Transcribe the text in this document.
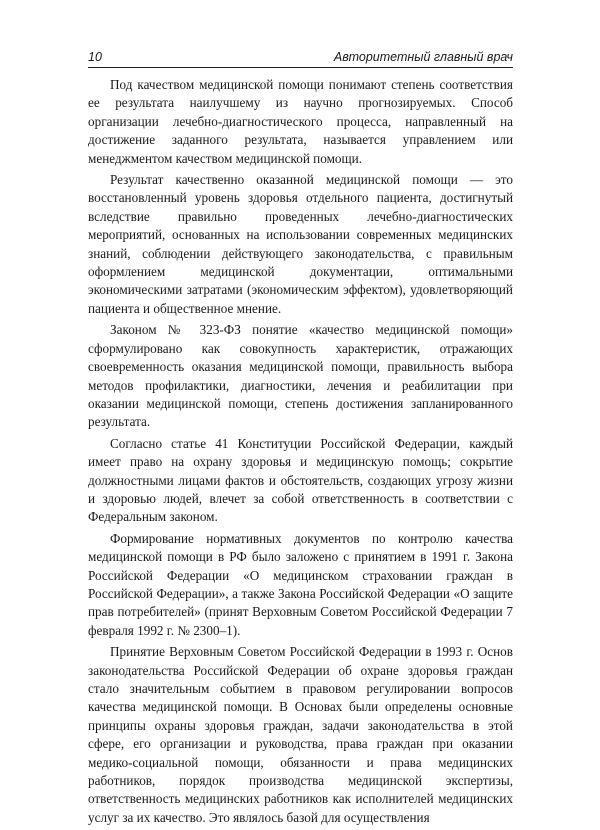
10	Авторитетный главный врач

Под качеством медицинской помощи понимают степень соответствия ее результата наилучшему из научно прогнозируемых. Способ организации лечебно-диагностического процесса, направленный на достижение заданного результата, называется управлением или менеджментом качеством медицинской помощи.

Результат качественно оказанной медицинской помощи — это восстановленный уровень здоровья отдельного пациента, достигнутый вследствие правильно проведенных лечебно-диагностических мероприятий, основанных на использовании современных медицинских знаний, соблюдении действующего законодательства, с правильным оформлением медицинской документации, оптимальными экономическими затратами (экономическим эффектом), удовлетворяющий пациента и общественное мнение.

Законом № 323-ФЗ понятие «качество медицинской помощи» сформулировано как совокупность характеристик, отражающих своевременность оказания медицинской помощи, правильность выбора методов профилактики, диагностики, лечения и реабилитации при оказании медицинской помощи, степень достижения запланированного результата.

Согласно статье 41 Конституции Российской Федерации, каждый имеет право на охрану здоровья и медицинскую помощь; сокрытие должностными лицами фактов и обстоятельств, создающих угрозу жизни и здоровью людей, влечет за собой ответственность в соответствии с Федеральным законом.

Формирование нормативных документов по контролю качества медицинской помощи в РФ было заложено с принятием в 1991 г. Закона Российской Федерации «О медицинском страховании граждан в Российской Федерации», а также Закона Российской Федерации «О защите прав потребителей» (принят Верховным Советом Российской Федерации 7 февраля 1992 г. № 2300–1).

Принятие Верховным Советом Российской Федерации в 1993 г. Основ законодательства Российской Федерации об охране здоровья граждан стало значительным событием в правовом регулировании вопросов качества медицинской помощи. В Основах были определены основные принципы охраны здоровья граждан, задачи законодательства в этой сфере, его организации и руководства, права граждан при оказании медико-социальной помощи, обязанности и права медицинских работников, порядок производства медицинской экспертизы, ответственность медицинских работников как исполнителей медицинских услуг за их качество. Это являлось базой для осуществления
